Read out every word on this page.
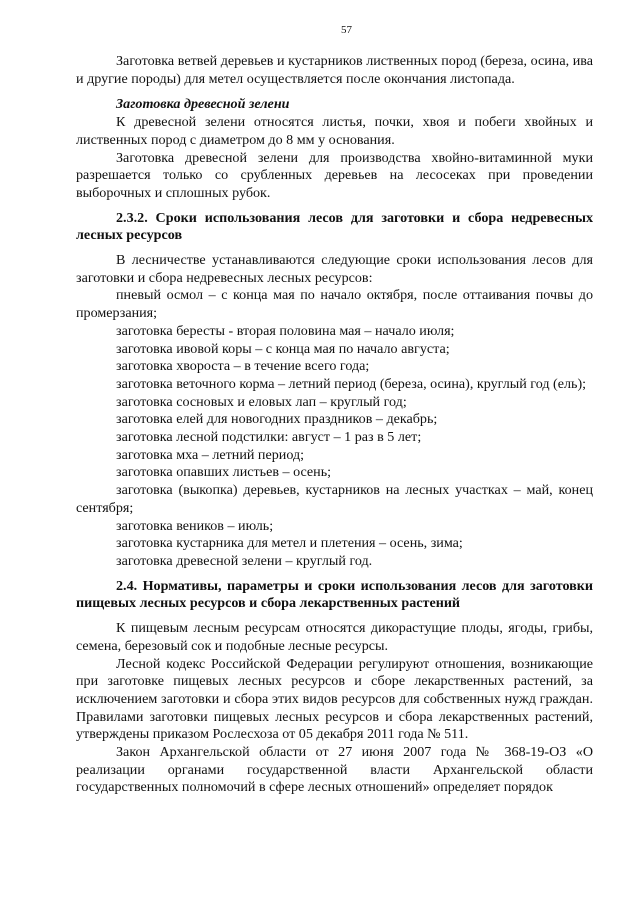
57

Заготовка ветвей деревьев и кустарников лиственных пород (береза, осина, ива и другие породы) для метел осуществляется после окончания листопада.

Заготовка древесной зелени

К древесной зелени относятся листья, почки, хвоя и побеги хвойных и лиственных пород с диаметром до 8 мм у основания.

Заготовка древесной зелени для производства хвойно-витаминной муки разрешается только со срубленных деревьев на лесосеках при проведении выборочных и сплошных рубок.

2.3.2. Сроки использования лесов для заготовки и сбора недревесных лесных ресурсов

В лесничестве устанавливаются следующие сроки использования лесов для заготовки и сбора недревесных лесных ресурсов:

пневый осмол – с конца мая по начало октября, после оттаивания почвы до промерзания;

заготовка бересты - вторая половина мая – начало июля;

заготовка ивовой коры – с конца мая по начало августа;

заготовка хвороста – в течение всего года;

заготовка веточного корма – летний период (береза, осина), круглый год (ель);

заготовка сосновых и еловых лап – круглый год;

заготовка елей для новогодних праздников – декабрь;

заготовка лесной подстилки: август – 1 раз в 5 лет;

заготовка мха – летний период;

заготовка опавших листьев – осень;

заготовка (выкопка) деревьев, кустарников на лесных участках – май, конец сентября;

заготовка веников – июль;

заготовка кустарника для метел и плетения – осень, зима;

заготовка древесной зелени – круглый год.

2.4. Нормативы, параметры и сроки использования лесов для заготовки пищевых лесных ресурсов и сбора лекарственных растений

К пищевым лесным ресурсам относятся дикорастущие плоды, ягоды, грибы, семена, березовый сок и подобные лесные ресурсы.

Лесной кодекс Российской Федерации регулируют отношения, возникающие при заготовке пищевых лесных ресурсов и сборе лекарственных растений, за исключением заготовки и сбора этих видов ресурсов для собственных нужд граждан. Правилами заготовки пищевых лесных ресурсов и сбора лекарственных растений, утверждены приказом Рослесхоза от 05 декабря 2011 года № 511.

Закон Архангельской области от 27 июня 2007 года № 368-19-ОЗ «О реализации органами государственной власти Архангельской области государственных полномочий в сфере лесных отношений» определяет порядок
